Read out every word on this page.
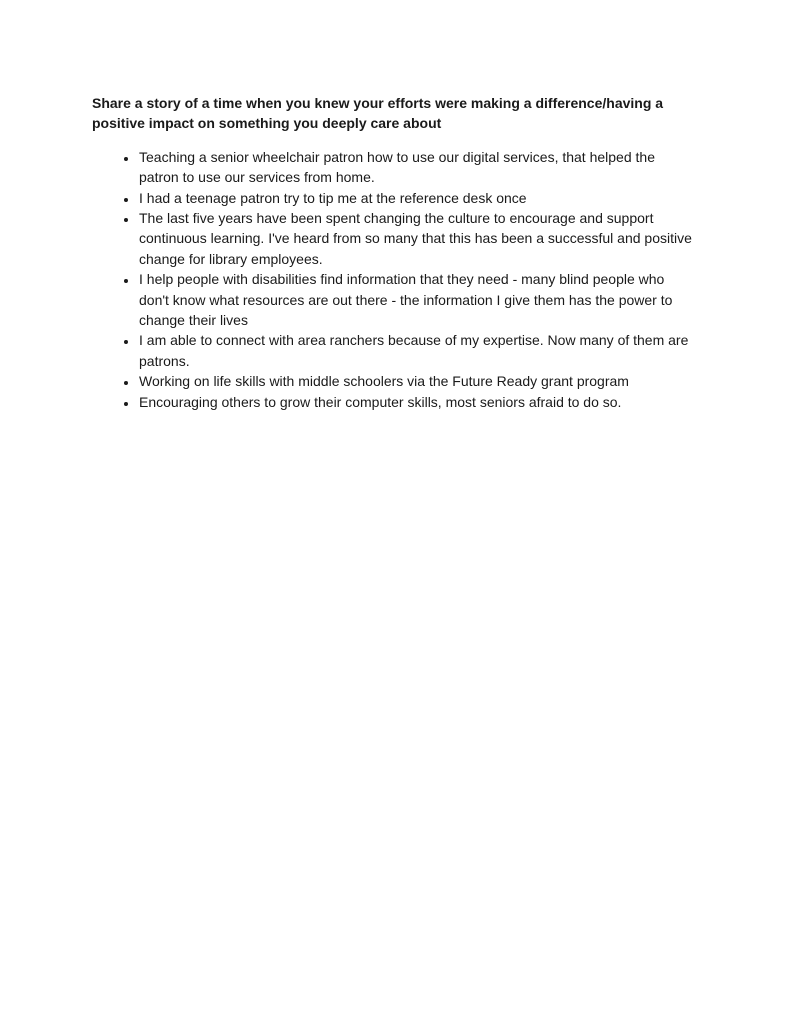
Share a story of a time when you knew your efforts were making a difference/having a positive impact on something you deeply care about

• Teaching a senior wheelchair patron how to use our digital services, that helped the patron to use our services from home.
• I had a teenage patron try to tip me at the reference desk once
• The last five years have been spent changing the culture to encourage and support continuous learning. I've heard from so many that this has been a successful and positive change for library employees.
• I help people with disabilities find information that they need - many blind people who don't know what resources are out there - the information I give them has the power to change their lives
• I am able to connect with area ranchers because of my expertise. Now many of them are patrons.
• Working on life skills with middle schoolers via the Future Ready grant program
• Encouraging others to grow their computer skills, most seniors afraid to do so.
